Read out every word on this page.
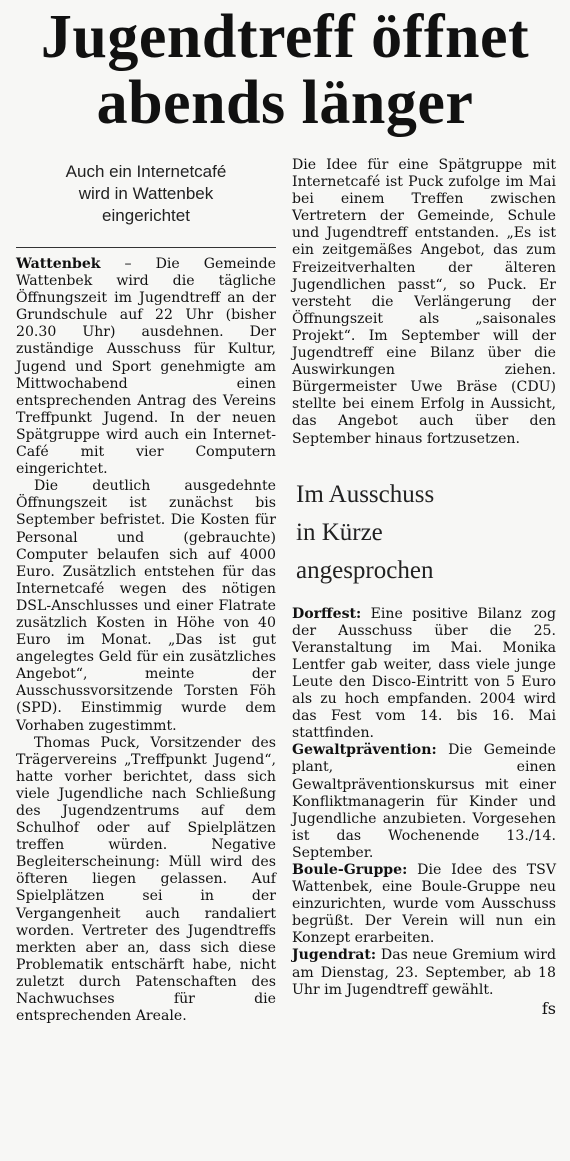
Jugendtreff öffnet
abends länger
Auch ein Internetcafé
wird in Wattenbek
eingerichtet

Wattenbek – Die Gemeinde Wattenbek wird die tägliche Öffnungszeit im Jugendtreff an der Grundschule auf 22 Uhr (bisher 20.30 Uhr) ausdehnen. Der zuständige Ausschuss für Kultur, Jugend und Sport genehmigte am Mittwochabend einen entsprechenden Antrag des Vereins Treffpunkt Jugend. In der neuen Spätgruppe wird auch ein Internet-Café mit vier Computern eingerichtet.

Die deutlich ausgedehnte Öffnungszeit ist zunächst bis September befristet. Die Kosten für Personal und (gebrauchte) Computer belaufen sich auf 4000 Euro. Zusätzlich entstehen für das Internetcafé wegen des nötigen DSL-Anschlusses und einer Flatrate zusätzlich Kosten in Höhe von 40 Euro im Monat. „Das ist gut angelegtes Geld für ein zusätzliches Angebot“, meinte der Ausschussvorsitzende Torsten Föh (SPD). Einstimmig wurde dem Vorhaben zugestimmt.

Thomas Puck, Vorsitzender des Trägervereins „Treffpunkt Jugend“, hatte vorher berichtet, dass sich viele Jugendliche nach Schließung des Jugendzentrums auf dem Schulhof oder auf Spielplätzen treffen würden. Negative Begleiterscheinung: Müll wird des öfteren liegen gelassen. Auf Spielplätzen sei in der Vergangenheit auch randaliert worden. Vertreter des Jugendtreffs merkten aber an, dass sich diese Problematik entschärft habe, nicht zuletzt durch Patenschaften des Nachwuchses für die entsprechenden Areale.

Die Idee für eine Spätgruppe mit Internetcafé ist Puck zufolge im Mai bei einem Treffen zwischen Vertretern der Gemeinde, Schule und Jugendtreff entstanden. „Es ist ein zeitgemäßes Angebot, das zum Freizeitverhalten der älteren Jugendlichen passt“, so Puck. Er versteht die Verlängerung der Öffnungszeit als „saisonales Projekt“. Im September will der Jugendtreff eine Bilanz über die Auswirkungen ziehen. Bürgermeister Uwe Bräse (CDU) stellte bei einem Erfolg in Aussicht, das Angebot auch über den September hinaus fortzusetzen.

Im Ausschuss
in Kürze
angesprochen

Dorffest: Eine positive Bilanz zog der Ausschuss über die 25. Veranstaltung im Mai. Monika Lentfer gab weiter, dass viele junge Leute den Disco-Eintritt von 5 Euro als zu hoch empfanden. 2004 wird das Fest vom 14. bis 16. Mai stattfinden.

Gewaltprävention: Die Gemeinde plant, einen Gewaltpräventionskursus mit einer Konfliktmanagerin für Kinder und Jugendliche anzubieten. Vorgesehen ist das Wochenende 13./14. September.

Boule-Gruppe: Die Idee des TSV Wattenbek, eine Boule-Gruppe neu einzurichten, wurde vom Ausschuss begrüßt. Der Verein will nun ein Konzept erarbeiten.

Jugendrat: Das neue Gremium wird am Dienstag, 23. September, ab 18 Uhr im Jugendtreff gewählt.

fs
